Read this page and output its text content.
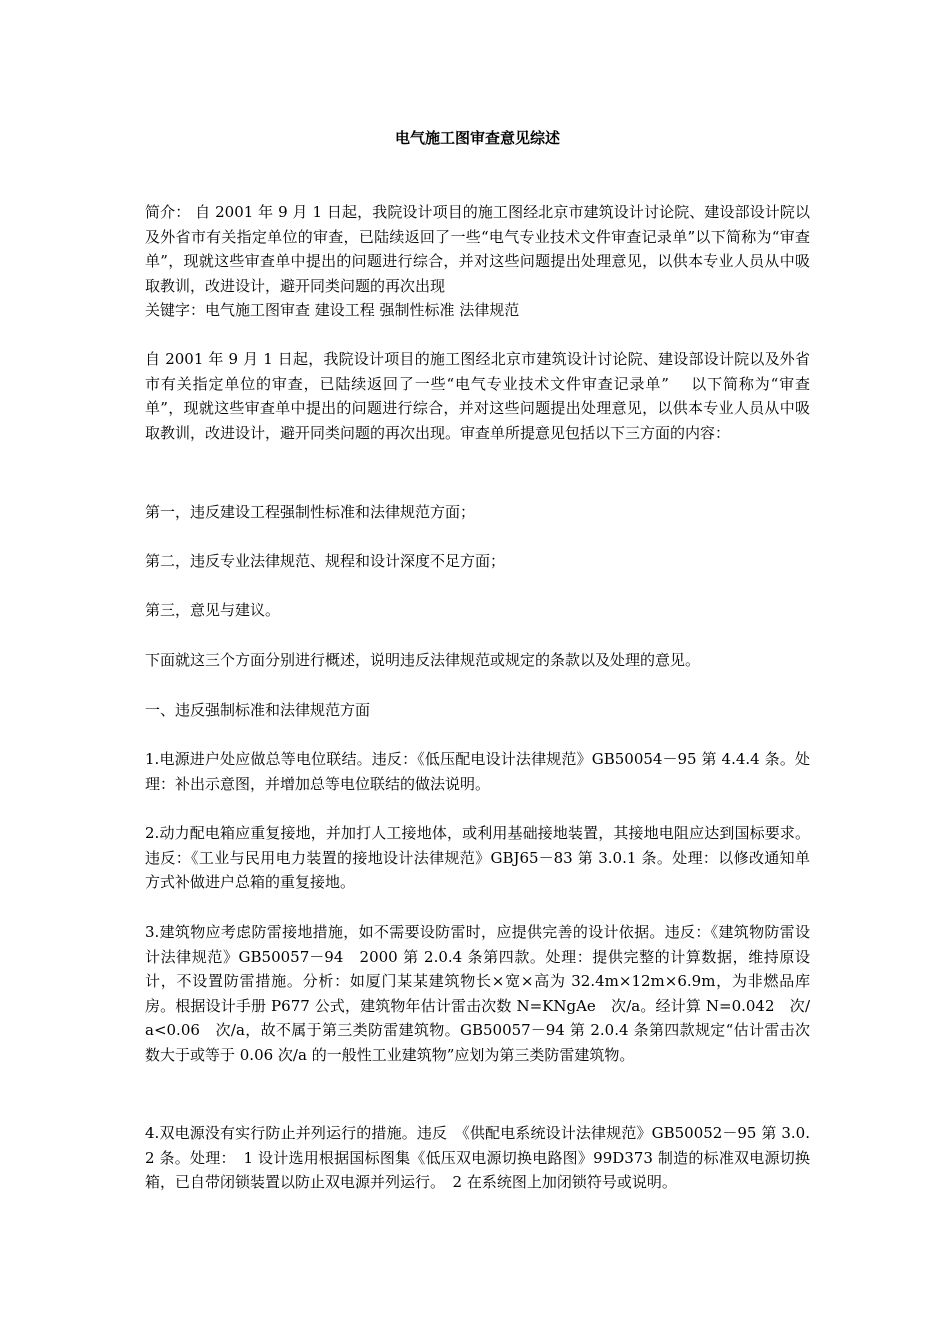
电气施工图审查意见综述

简介： 自 2001 年 9 月 1 日起，我院设计项目的施工图经北京市建筑设计讨论院、建设部设计院以及外省市有关指定单位的审查，已陆续返回了一些“电气专业技术文件审查记录单”以下简称为“审查单”，现就这些审查单中提出的问题进行综合，并对这些问题提出处理意见，以供本专业人员从中吸取教训，改进设计，避开同类问题的再次出现

关键字：电气施工图审查 建设工程 强制性标准 法律规范

自 2001 年 9 月 1 日起，我院设计项目的施工图经北京市建筑设计讨论院、建设部设计院以及外省市有关指定单位的审查，已陆续返回了一些“电气专业技术文件审查记录单”　 以下简称为“审查单”，现就这些审查单中提出的问题进行综合，并对这些问题提出处理意见，以供本专业人员从中吸取教训，改进设计，避开同类问题的再次出现。审查单所提意见包括以下三方面的内容：

第一，违反建设工程强制性标准和法律规范方面；

第二，违反专业法律规范、规程和设计深度不足方面；

第三，意见与建议。

下面就这三个方面分别进行概述，说明违反法律规范或规定的条款以及处理的意见。

一、违反强制标准和法律规范方面

1.电源进户处应做总等电位联结。违反：《低压配电设计法律规范》GB50054－95 第 4.4.4 条。处理：补出示意图，并增加总等电位联结的做法说明。

2.动力配电箱应重复接地，并加打人工接地体，或利用基础接地装置，其接地电阻应达到国标要求。违反：《工业与民用电力装置的接地设计法律规范》GBJ65－83 第 3.0.1 条。处理：以修改通知单方式补做进户总箱的重复接地。

3.建筑物应考虑防雷接地措施，如不需要设防雷时，应提供完善的设计依据。违反：《建筑物防雷设计法律规范》GB50057－94　2000 第 2.0.4 条第四款。处理：提供完整的计算数据，维持原设计，不设置防雷措施。分析：如厦门某某建筑物长×宽×高为 32.4m×12m×6.9m，为非燃品库房。根据设计手册 P677 公式，建筑物年估计雷击次数 N=KNgAe　次/a。经计算 N=0.042　次/a<0.06　次/a，故不属于第三类防雷建筑物。GB50057－94 第 2.0.4 条第四款规定“估计雷击次数大于或等于 0.06 次/a 的一般性工业建筑物”应划为第三类防雷建筑物。

4.双电源没有实行防止并列运行的措施。违反　《供配电系统设计法律规范》GB50052－95 第 3.0.2 条。处理：　1 设计选用根据国标图集《低压双电源切换电路图》99D373 制造的标准双电源切换箱，已自带闭锁装置以防止双电源并列运行。　2 在系统图上加闭锁符号或说明。
